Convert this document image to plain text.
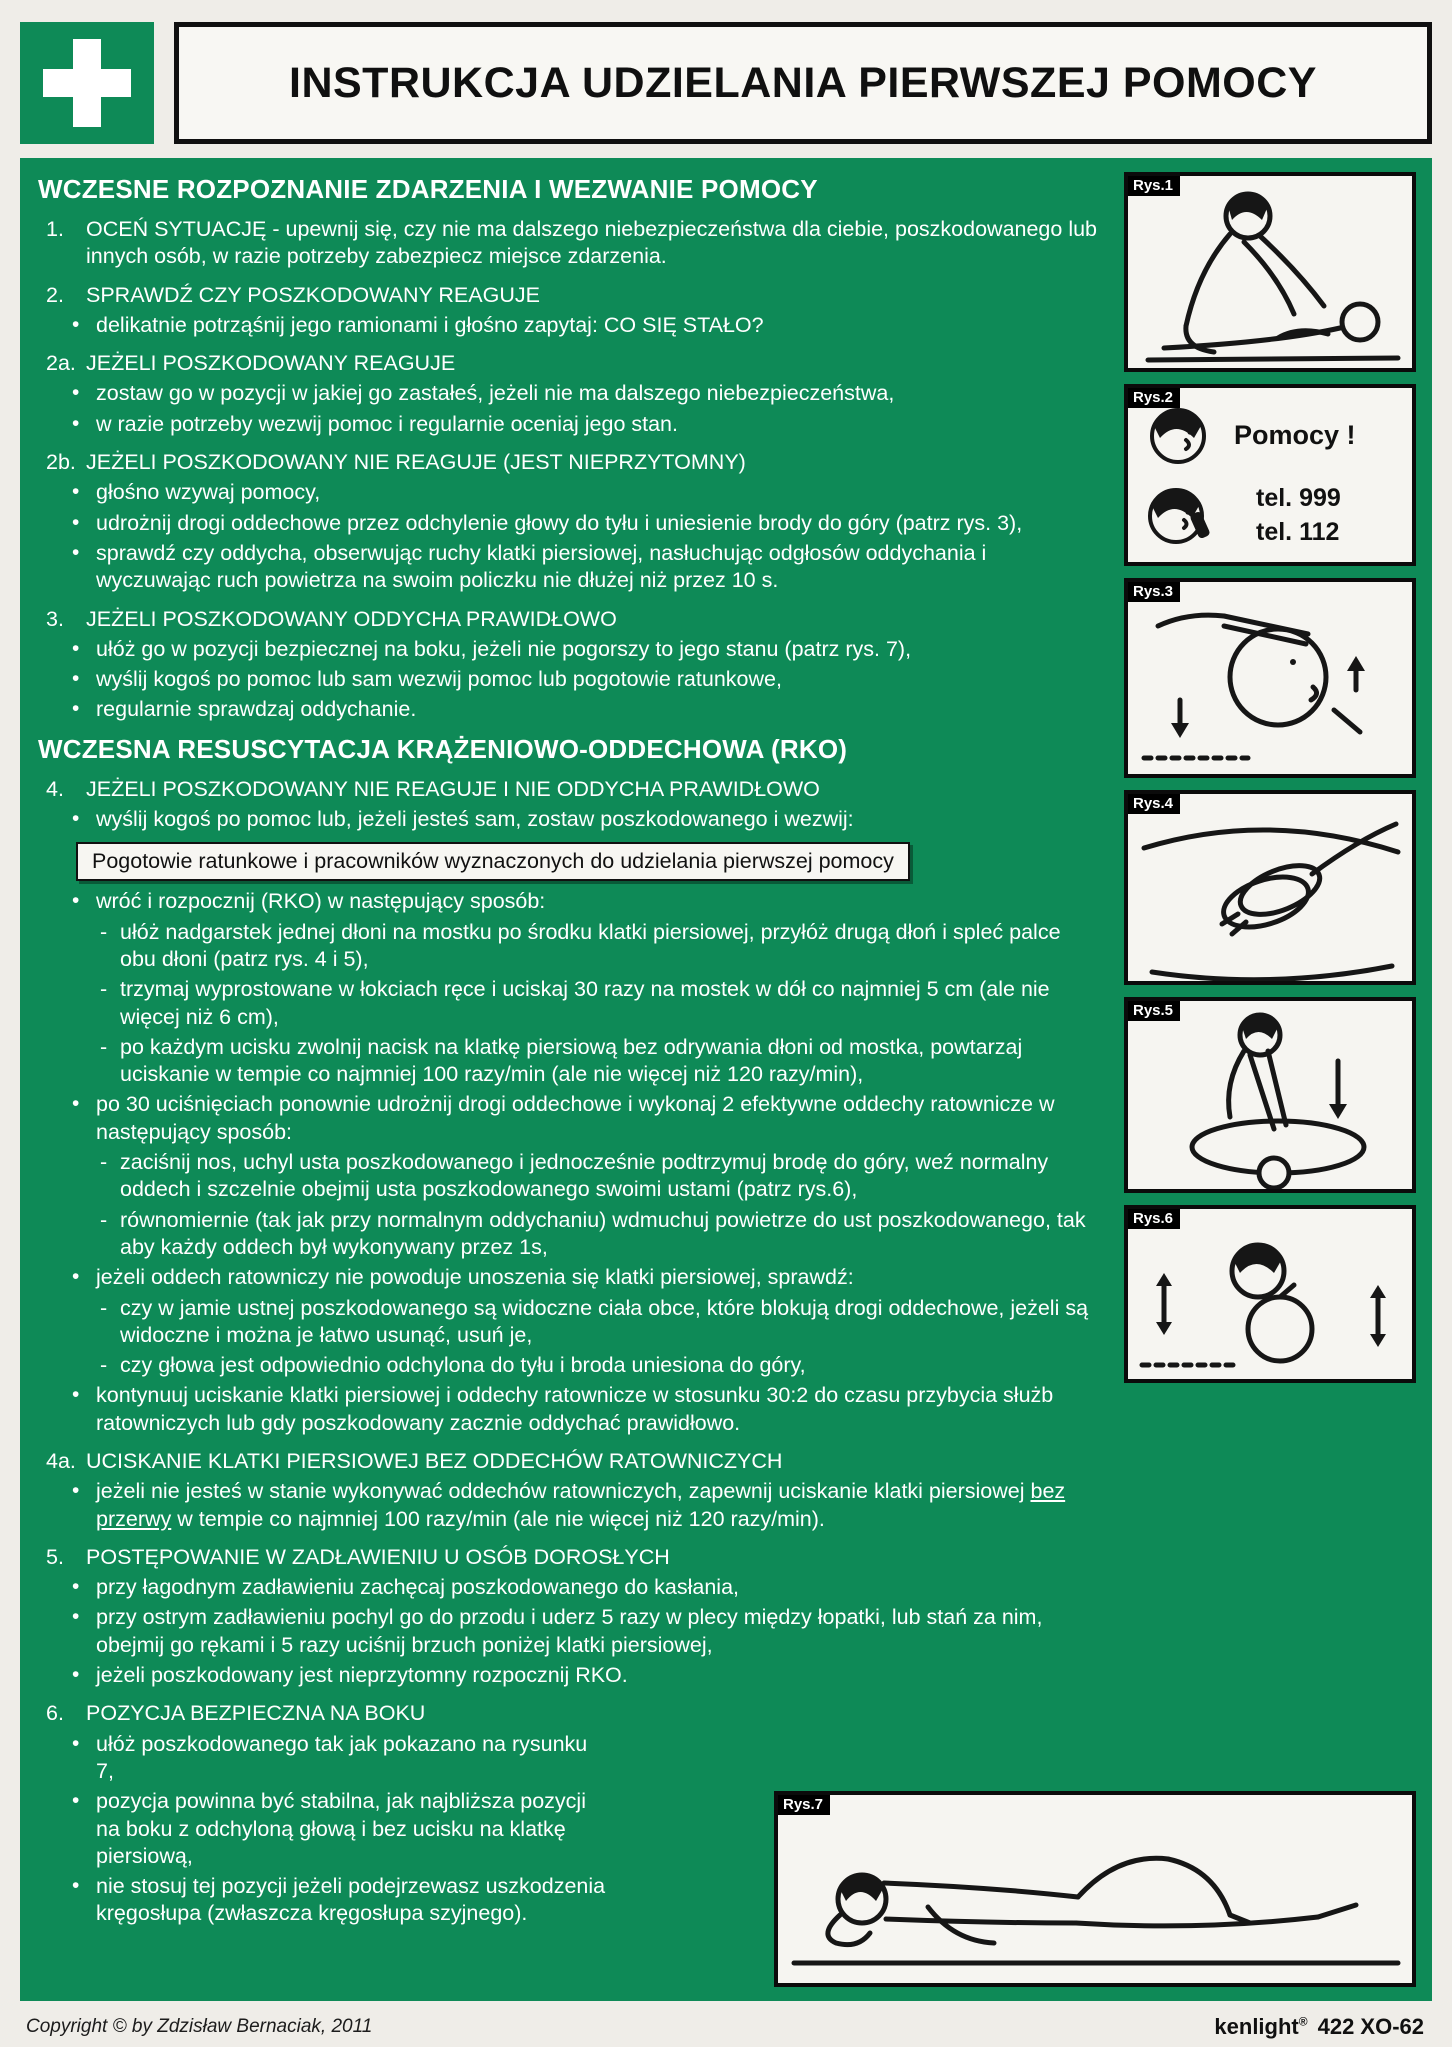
INSTRUKCJA UDZIELANIA PIERWSZEJ POMOCY
WCZESNE ROZPOZNANIE ZDARZENIA I WEZWANIE POMOCY
1.	OCEŃ SYTUACJĘ - upewnij się, czy nie ma dalszego niebezpieczeństwa dla ciebie, poszkodowanego lub innych osób, w razie potrzeby zabezpiecz miejsce zdarzenia.
2.	SPRAWDŹ CZY POSZKODOWANY REAGUJE
• delikatnie potrząśnij jego ramionami i głośno zapytaj: CO SIĘ STAŁO?
2a. JEŻELI POSZKODOWANY REAGUJE
• zostaw go w pozycji w jakiej go zastałeś, jeżeli nie ma dalszego niebezpieczeństwa,
• w razie potrzeby wezwij pomoc i regularnie oceniaj jego stan.
2b. JEŻELI POSZKODOWANY NIE REAGUJE (JEST NIEPRZYTOMNY)
• głośno wzywaj pomocy,
• udrożnij drogi oddechowe przez odchylenie głowy do tyłu i uniesienie brody do góry (patrz rys. 3),
• sprawdź czy oddycha, obserwując ruchy klatki piersiowej, nasłuchując odgłosów oddychania i wyczuwając ruch powietrza na swoim policzku nie dłużej niż przez 10 s.
3.	JEŻELI POSZKODOWANY ODDYCHA PRAWIDŁOWO
• ułóż go w pozycji bezpiecznej na boku, jeżeli nie pogorszy to jego stanu (patrz rys. 7),
• wyślij kogoś po pomoc lub sam wezwij pomoc lub pogotowie ratunkowe,
• regularnie sprawdzaj oddychanie.
WCZESNA RESUSCYTACJA KRĄŻENIOWO-ODDECHOWA (RKO)
4.	JEŻELI POSZKODOWANY NIE REAGUJE I NIE ODDYCHA PRAWIDŁOWO
• wyślij kogoś po pomoc lub, jeżeli jesteś sam, zostaw poszkodowanego i wezwij:
Pogotowie ratunkowe i pracowników wyznaczonych do udzielania pierwszej pomocy
• wróć i rozpocznij (RKO) w następujący sposób:
- ułóż nadgarstek jednej dłoni na mostku po środku klatki piersiowej, przyłóż drugą dłoń i spleć palce obu dłoni (patrz rys. 4 i 5),
- trzymaj wyprostowane w łokciach ręce i uciskaj 30 razy na mostek w dół co najmniej 5 cm (ale nie więcej niż 6 cm),
- po każdym ucisku zwolnij nacisk na klatkę piersiową bez odrywania dłoni od mostka, powtarzaj uciskanie w tempie co najmniej 100 razy/min (ale nie więcej niż 120 razy/min),
• po 30 uciśnięciach ponownie udrożnij drogi oddechowe i wykonaj 2 efektywne oddechy ratownicze w następujący sposób:
- zaciśnij nos, uchyl usta poszkodowanego i jednocześnie podtrzymuj brodę do góry, weź normalny oddech i szczelnie obejmij usta poszkodowanego swoimi ustami (patrz rys.6),
- równomiernie (tak jak przy normalnym oddychaniu) wdmuchuj powietrze do ust poszkodowanego, tak aby każdy oddech był wykonywany przez 1s,
• jeżeli oddech ratowniczy nie powoduje unoszenia się klatki piersiowej, sprawdź:
- czy w jamie ustnej poszkodowanego są widoczne ciała obce, które blokują drogi oddechowe, jeżeli są widoczne i można je łatwo usunąć, usuń je,
- czy głowa jest odpowiednio odchylona do tyłu i broda uniesiona do góry,
• kontynuuj uciskanie klatki piersiowej i oddechy ratownicze w stosunku 30:2 do czasu przybycia służb ratowniczych lub gdy poszkodowany zacznie oddychać prawidłowo.
4a. UCISKANIE KLATKI PIERSIOWEJ BEZ ODDECHÓW RATOWNICZYCH
• jeżeli nie jesteś w stanie wykonywać oddechów ratowniczych, zapewnij uciskanie klatki piersiowej bez przerwy w tempie co najmniej 100 razy/min (ale nie więcej niż 120 razy/min).
5.	POSTĘPOWANIE W ZADŁAWIENIU U OSÓB DOROSŁYCH
• przy łagodnym zadławieniu zachęcaj poszkodowanego do kasłania,
• przy ostrym zadławieniu pochyl go do przodu i uderz 5 razy w plecy między łopatki, lub stań za nim, obejmij go rękami i 5 razy uciśnij brzuch poniżej klatki piersiowej,
• jeżeli poszkodowany jest nieprzytomny rozpocznij RKO.
6.	POZYCJA BEZPIECZNA NA BOKU
• ułóż poszkodowanego tak jak pokazano na rysunku 7,
• pozycja powinna być stabilna, jak najbliższa pozycji na boku z odchyloną głową i bez ucisku na klatkę piersiową,
• nie stosuj tej pozycji jeżeli podejrzewasz uszkodzenia kręgosłupa (zwłaszcza kręgosłupa szyjnego).
Rys.1
Rys.2
Pomocy !
tel. 999
tel. 112
Rys.3
Rys.4
Rys.5
Rys.6
Rys.7
Copyright © by Zdzisław Bernaciak, 2011	kenlight® 422 XO-62
